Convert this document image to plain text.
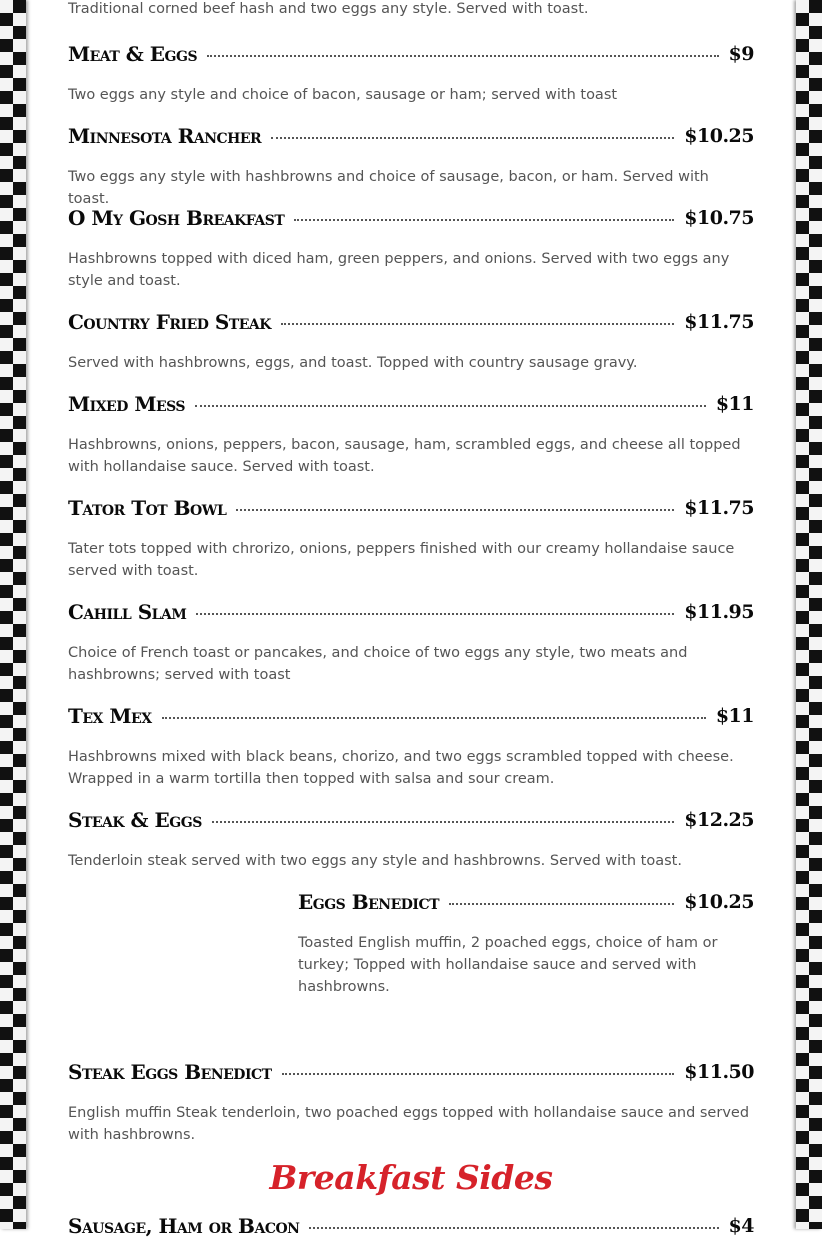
Traditional corned beef hash and two eggs any style. Served with toast.
Meat & Eggs	$9
Two eggs any style and choice of bacon, sausage or ham; served with toast
Minnesota Rancher	$10.25
Two eggs any style with hashbrowns and choice of sausage, bacon, or ham. Served with toast.
O My Gosh Breakfast	$10.75
Hashbrowns topped with diced ham, green peppers, and onions. Served with two eggs any style and toast.
Country Fried Steak	$11.75
Served with hashbrowns, eggs, and toast. Topped with country sausage gravy.
Mixed Mess	$11
Hashbrowns, onions, peppers, bacon, sausage, ham, scrambled eggs, and cheese all topped with hollandaise sauce. Served with toast.
Tator Tot Bowl	$11.75
Tater tots topped with chrorizo, onions, peppers finished with our creamy hollandaise sauce served with toast.
Cahill Slam	$11.95
Choice of French toast or pancakes, and choice of two eggs any style, two meats and hashbrowns; served with toast
Tex Mex	$11
Hashbrowns mixed with black beans, chorizo, and two eggs scrambled topped with cheese. Wrapped in a warm tortilla then topped with salsa and sour cream.
Steak & Eggs	$12.25
Tenderloin steak served with two eggs any style and hashbrowns. Served with toast.
Eggs Benedict	$10.25
Toasted English muffin, 2 poached eggs, choice of ham or turkey; Topped with hollandaise sauce and served with hashbrowns.
Steak Eggs Benedict	$11.50
English muffin Steak tenderloin, two poached eggs topped with hollandaise sauce and served with hashbrowns.
Breakfast Sides
Sausage, Ham or Bacon	$4
